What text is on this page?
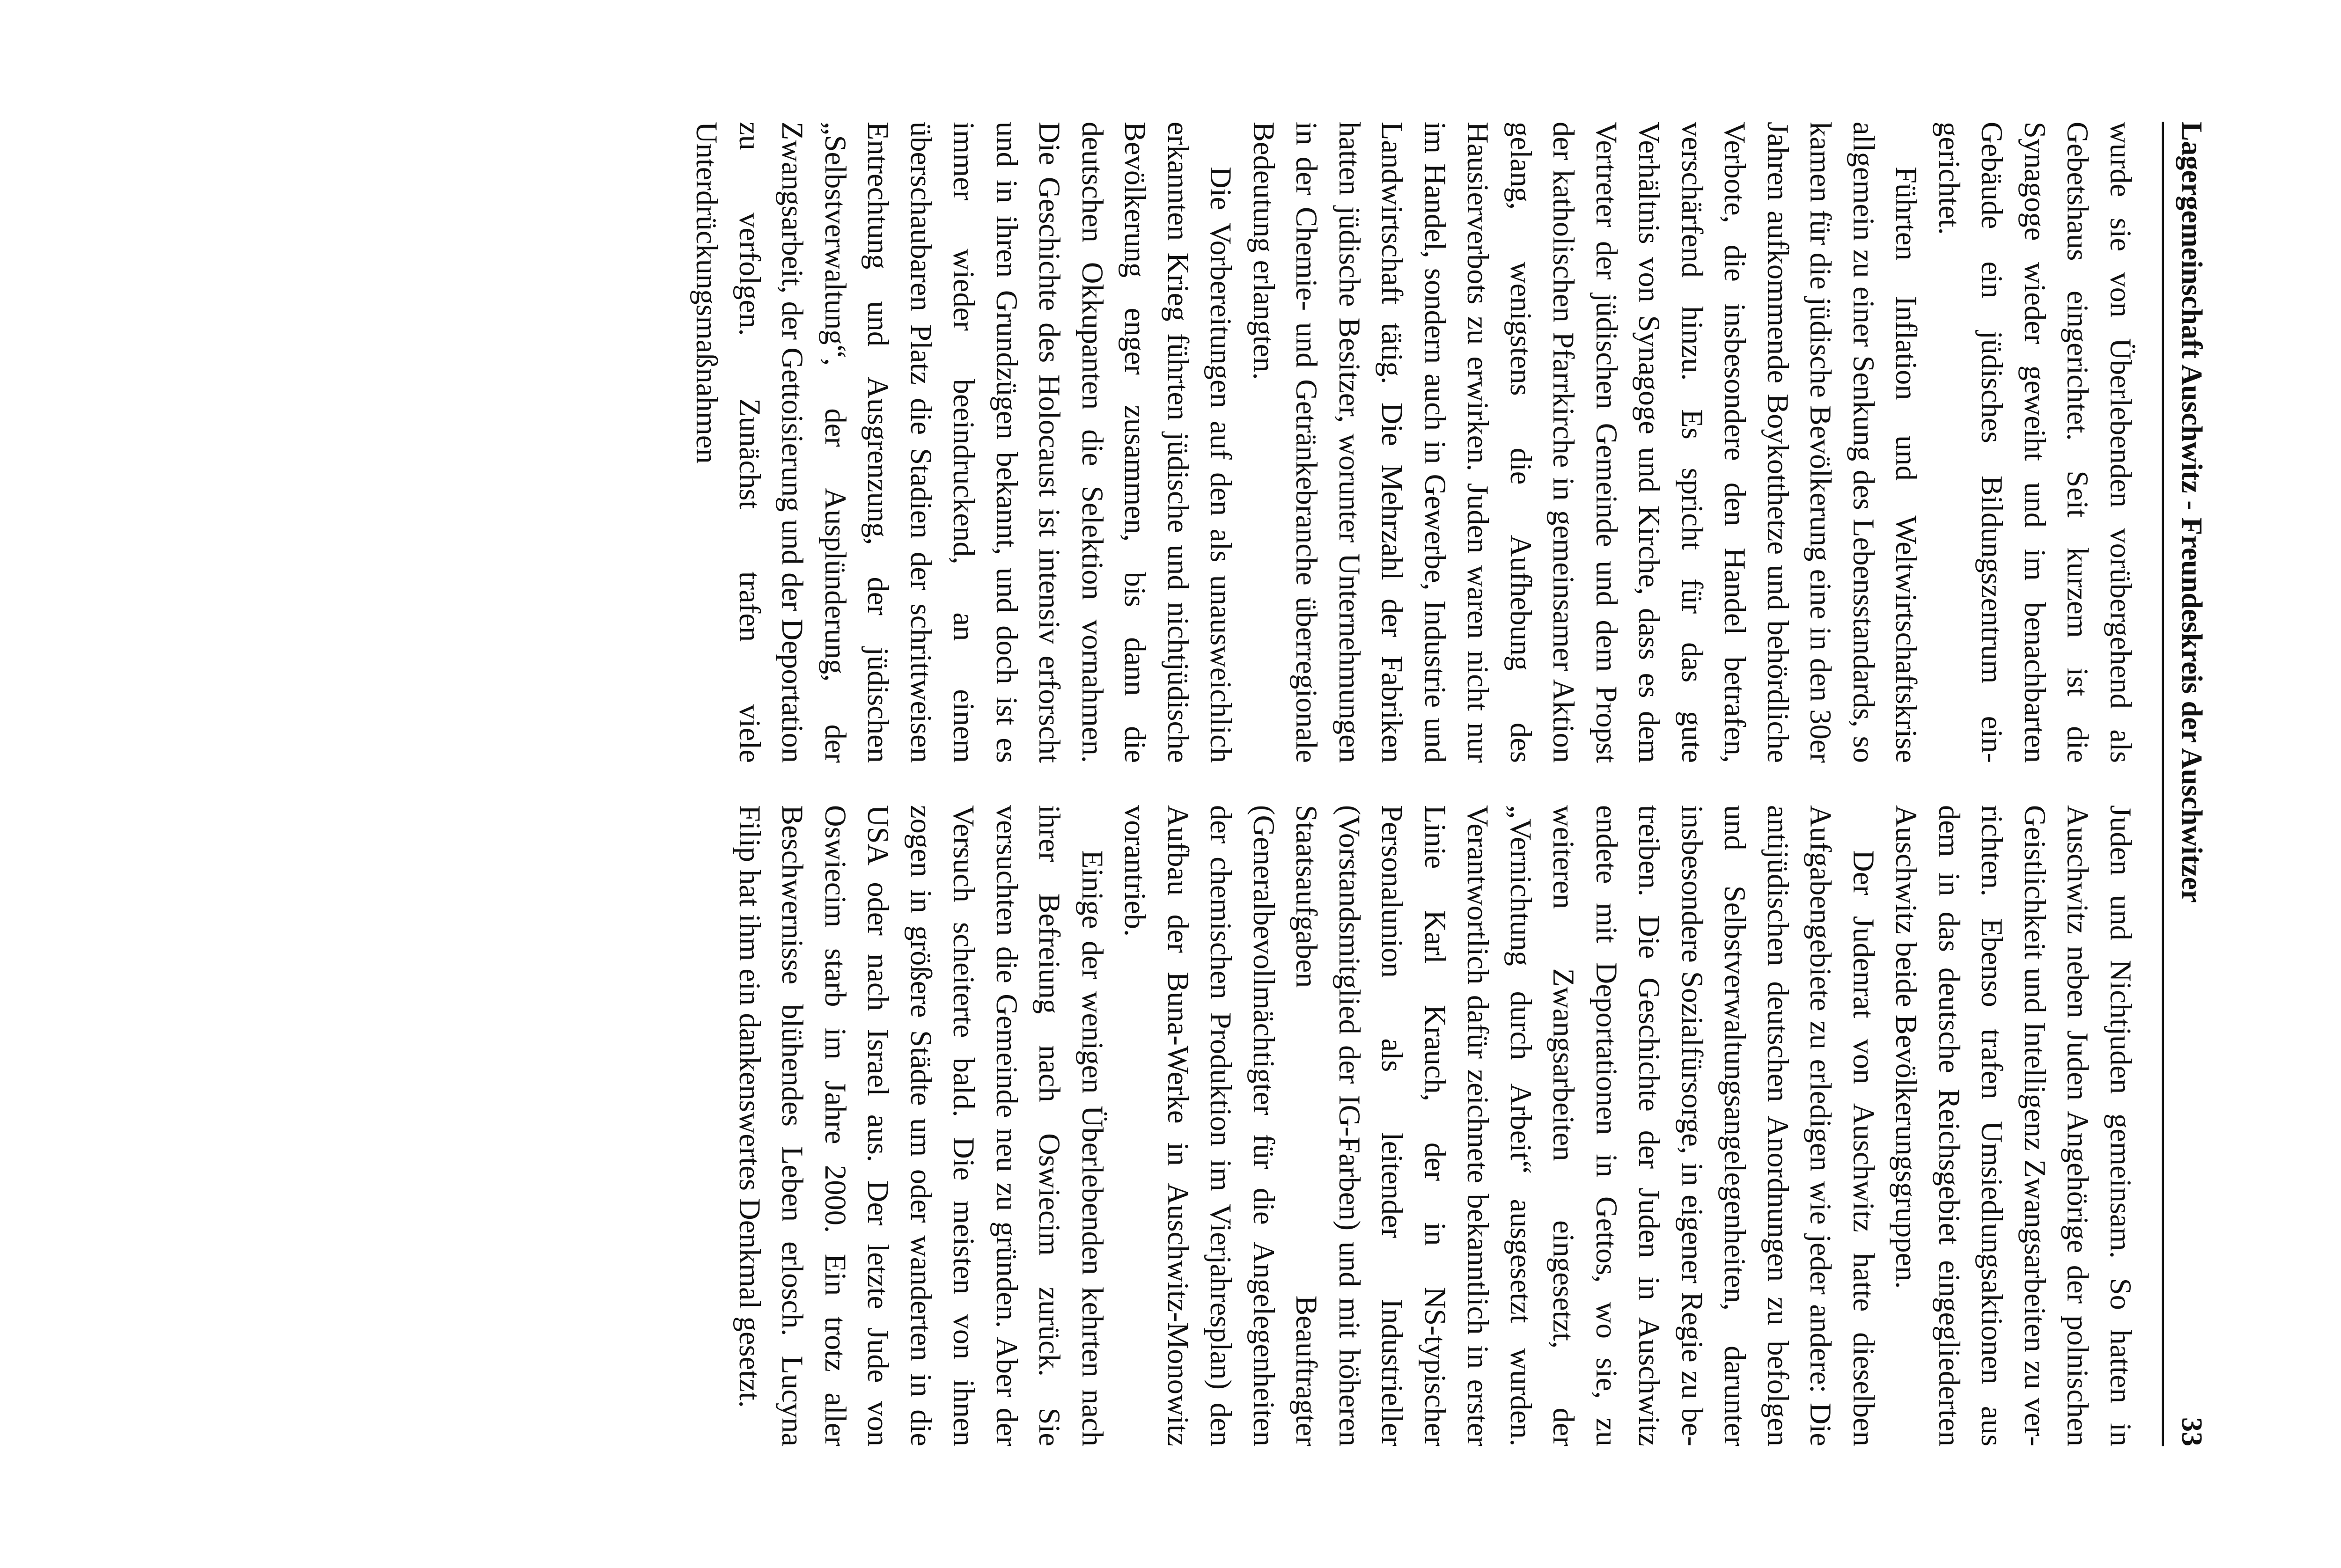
Lagergemeinschaft Auschwitz - Freundeskreis der Auschwitzer
33

wurde sie von Überlebenden vorübergehend als Gebetshaus eingerichtet. Seit kurzem ist die Synagoge wieder geweiht und im benachbarten Gebäude ein jüdisches Bildungszentrum eingerichtet.

Führten Inflation und Weltwirtschaftskrise allgemein zu einer Senkung des Lebensstandards, so kamen für die jüdische Bevölkerung eine in den 30er Jahren aufkommende Boykotthetze und behördliche Verbote, die insbesondere den Handel betrafen, verschärfend hinzu. Es spricht für das gute Verhältnis von Synagoge und Kirche, dass es dem Vertreter der jüdischen Gemeinde und dem Propst der katholischen Pfarrkirche in gemeinsamer Aktion gelang, wenigstens die Aufhebung des Hausierverbots zu erwirken. Juden waren nicht nur im Handel, sondern auch in Gewerbe, Industrie und Landwirtschaft tätig. Die Mehrzahl der Fabriken hatten jüdische Besitzer, worunter Unternehmungen in der Chemie- und Getränkebranche überregionale Bedeutung erlangten.

Die Vorbereitungen auf den als unausweichlich erkannten Krieg führten jüdische und nichtjüdische Bevölkerung enger zusammen, bis dann die deutschen Okkupanten die Selektion vornahmen. Die Geschichte des Holocaust ist intensiv erforscht und in ihren Grundzügen bekannt, und doch ist es immer wieder beeindruckend, an einem überschaubaren Platz die Stadien der schrittweisen Entrechtung und Ausgrenzung, der jüdischen „Selbstverwaltung“, der Ausplünderung, der Zwangsarbeit, der Gettoisierung und der Deportation zu verfolgen. Zunächst trafen viele Unterdrückungsmaßnahmen

Juden und Nichtjuden gemeinsam. So hatten in Auschwitz neben Juden Angehörige der polnischen Geistlichkeit und Intelligenz Zwangsarbeiten zu verrichten. Ebenso trafen Umsiedlungsaktionen aus dem in das deutsche Reichsgebiet eingegliederten Auschwitz beide Bevölkerungsgruppen.

Der Judenrat von Auschwitz hatte dieselben Aufgabengebiete zu erledigen wie jeder andere: Die antijüdischen deutschen Anordnungen zu befolgen und Selbstverwaltungsangelegenheiten, darunter insbesondere Sozialfürsorge, in eigener Regie zu betreiben. Die Geschichte der Juden in Auschwitz endete mit Deportationen in Gettos, wo sie, zu weiteren Zwangsarbeiten eingesetzt, der „Vernichtung durch Arbeit“ ausgesetzt wurden. Verantwortlich dafür zeichnete bekanntlich in erster Linie Karl Krauch, der in NS-typischer Personalunion als leitender Industrieller (Vorstandsmitglied der IG-Farben) und mit höheren Staatsaufgaben Beauftragter (Generalbevollmächtigter für die Angelegenheiten der chemischen Produktion im Vierjahresplan) den Aufbau der Buna-Werke in Auschwitz-Monowitz vorantrieb.

Einige der wenigen Überlebenden kehrten nach ihrer Befreiung nach Oswiecim zurück. Sie versuchten die Gemeinde neu zu gründen. Aber der Versuch scheiterte bald. Die meisten von ihnen zogen in größere Städte um oder wanderten in die USA oder nach Israel aus. Der letzte Jude von Oswiecim starb im Jahre 2000. Ein trotz aller Beschwernisse blühendes Leben erlosch. Lucyna Filip hat ihm ein dankenswertes Denkmal gesetzt.
